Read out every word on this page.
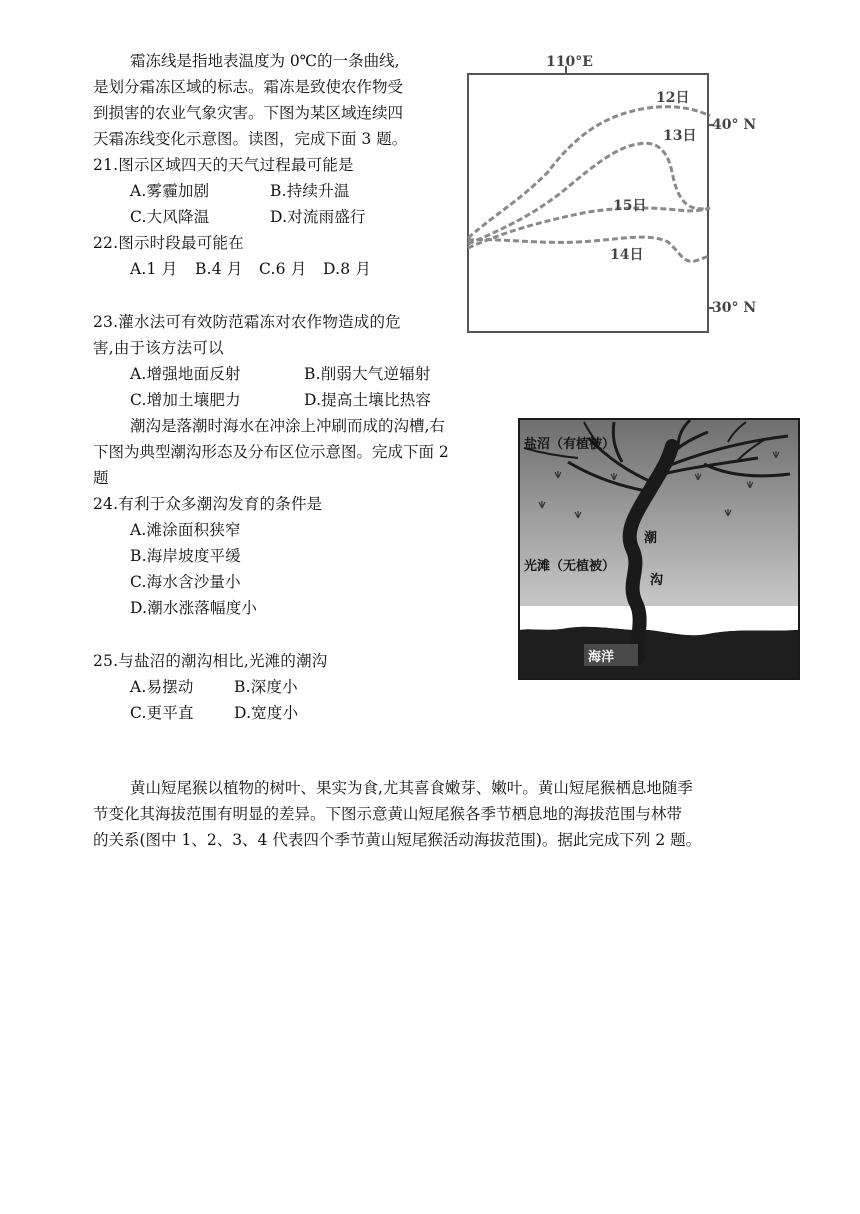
霜冻线是指地表温度为 0℃的一条曲线,
是划分霜冻区域的标志。霜冻是致使农作物受
到损害的农业气象灾害。下图为某区域连续四
天霜冻线变化示意图。读图，完成下面 3 题。
21.图示区域四天的天气过程最可能是
A.雾霾加剧	B.持续升温
C.大风降温	D.对流雨盛行
22.图示时段最可能在
A.1 月 B.4 月 C.6 月 D.8 月
23.灌水法可有效防范霜冻对农作物造成的危
害,由于该方法可以
A.增强地面反射	B.削弱大气逆辐射
C.增加土壤肥力	D.提高土壤比热容
潮沟是落潮时海水在冲涂上冲刷而成的沟槽,右
下图为典型潮沟形态及分布区位示意图。完成下面 2
题
24.有利于众多潮沟发育的条件是
A.滩涂面积狭窄
B.海岸坡度平缓
C.海水含沙量小
D.潮水涨落幅度小
25.与盐沼的潮沟相比,光滩的潮沟
A.易摆动	B.深度小
C.更平直	D.宽度小
黄山短尾猴以植物的树叶、果实为食,尤其喜食嫩芽、嫩叶。黄山短尾猴栖息地随季
节变化其海拔范围有明显的差异。下图示意黄山短尾猴各季节栖息地的海拔范围与林带
的关系(图中 1、2、3、4 代表四个季节黄山短尾猴活动海拔范围)。据此完成下列 2 题。
110°E
40° N
30° N
12日
13日
15日
14日
盐沼（有植被）
光滩（无植被）
潮
沟
海洋
